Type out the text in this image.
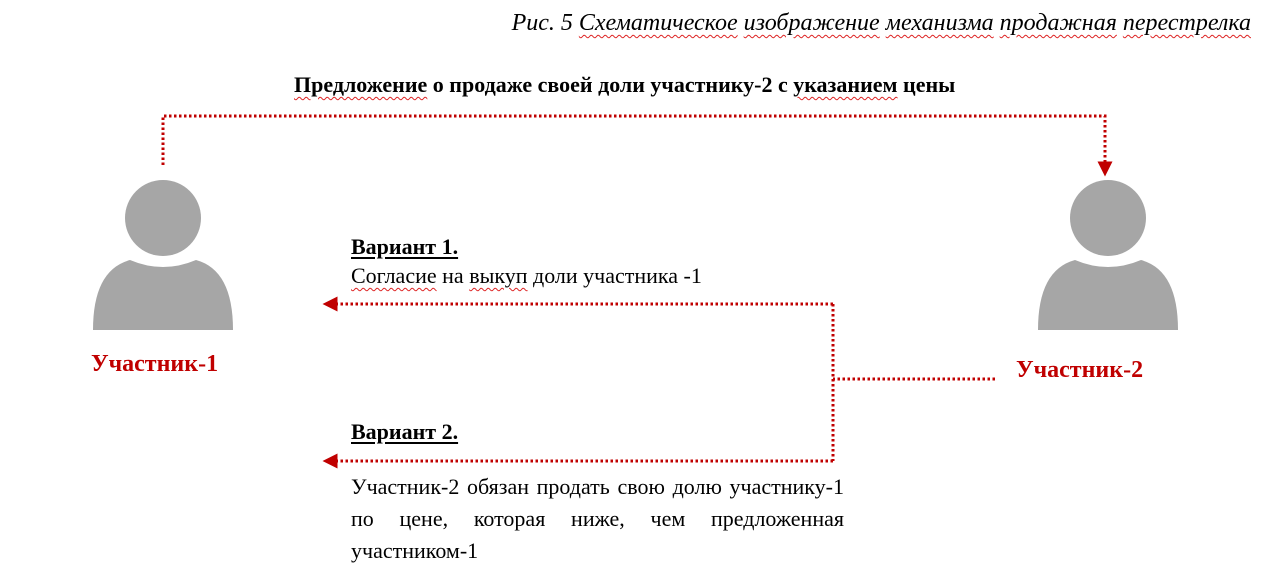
Рис. 5 Схематическое изображение механизма продажная перестрелка
Предложение о продаже своей доли участнику-2 с указанием цены
Вариант 1.
Согласие на выкуп доли участника -1
Вариант 2.
Участник-2 обязан продать свою долю участнику-1 по цене, которая ниже, чем предложенная участником-1
Участник-1	Участник-2
